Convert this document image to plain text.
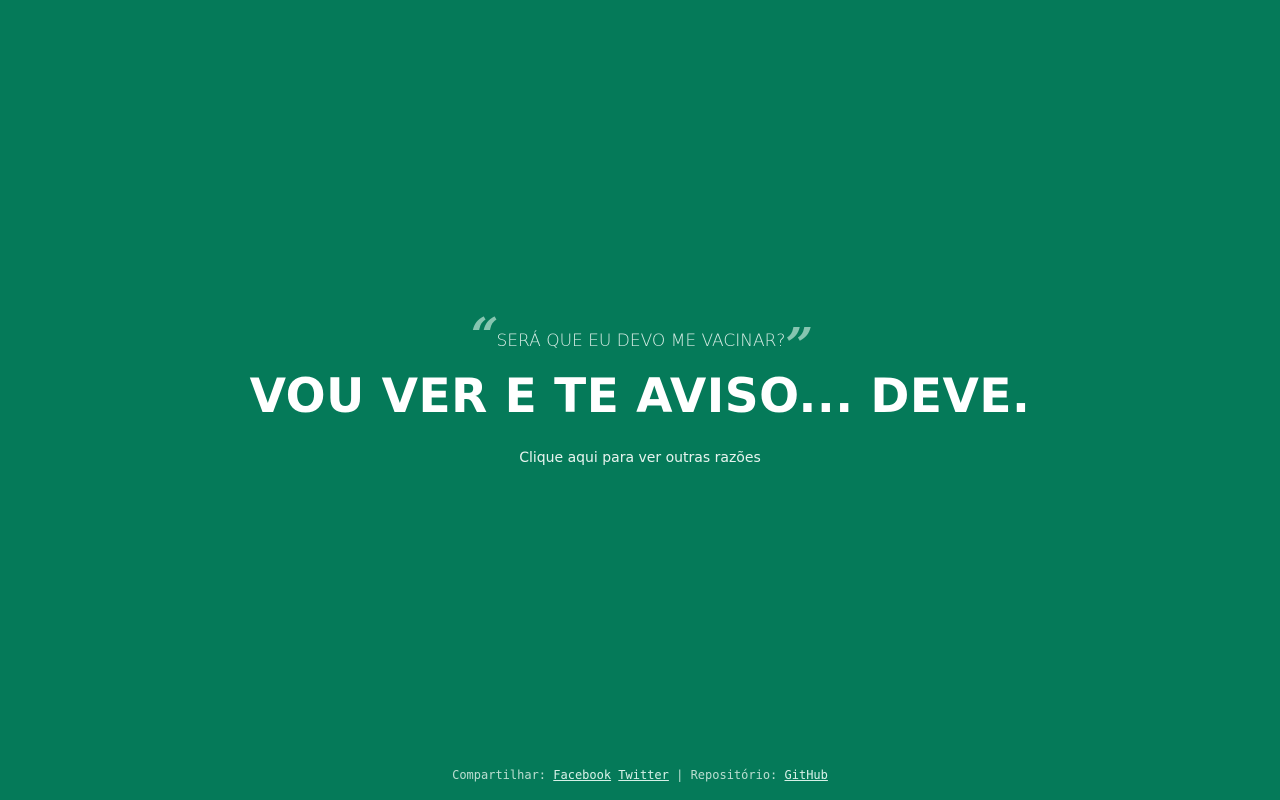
“ SERÁ QUE EU DEVO ME VACINAR?”
VOU VER E TE AVISO... DEVE.
Clique aqui para ver outras razões
Compartilhar: Facebook Twitter | Repositório: GitHub
